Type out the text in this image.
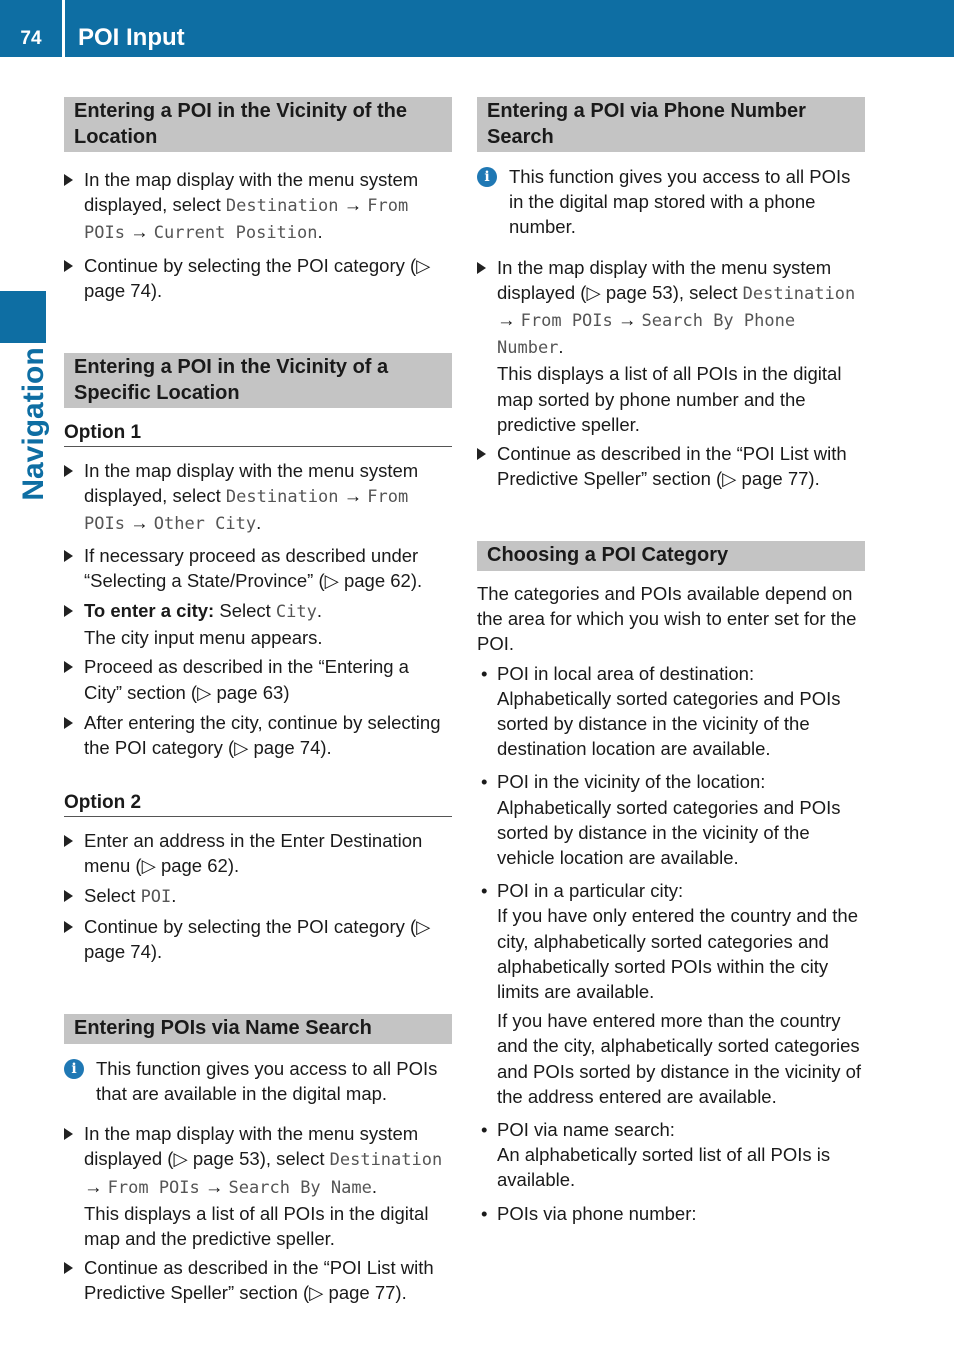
74	POI Input
Navigation
Entering a POI in the Vicinity of the Location

In the map display with the menu system displayed, select Destination → From POIs → Current Position.

Continue by selecting the POI category (▷ page 74).

Entering a POI in the Vicinity of a Specific Location

Option 1

In the map display with the menu system displayed, select Destination → From POIs → Other City.

If necessary proceed as described under “Selecting a State/Province” (▷ page 62).

To enter a city: Select City.
The city input menu appears.

Proceed as described in the “Entering a City” section (▷ page 63)

After entering the city, continue by selecting the POI category (▷ page 74).

Option 2

Enter an address in the Enter Destination menu (▷ page 62).

Select POI.

Continue by selecting the POI category (▷ page 74).

Entering POIs via Name Search

i	This function gives you access to all POIs that are available in the digital map.

In the map display with the menu system displayed (▷ page 53), select Destination → From POIs → Search By Name.
This displays a list of all POIs in the digital map and the predictive speller.

Continue as described in the “POI List with Predictive Speller” section (▷ page 77).

Entering a POI via Phone Number Search

i	This function gives you access to all POIs in the digital map stored with a phone number.

In the map display with the menu system displayed (▷ page 53), select Destination → From POIs → Search By Phone Number.
This displays a list of all POIs in the digital map sorted by phone number and the predictive speller.

Continue as described in the “POI List with Predictive Speller” section (▷ page 77).

Choosing a POI Category

The categories and POIs available depend on the area for which you wish to enter set for the POI.

• POI in local area of destination:
Alphabetically sorted categories and POIs sorted by distance in the vicinity of the destination location are available.

• POI in the vicinity of the location:
Alphabetically sorted categories and POIs sorted by distance in the vicinity of the vehicle location are available.

• POI in a particular city:
If you have only entered the country and the city, alphabetically sorted categories and alphabetically sorted POIs within the city limits are available.

If you have entered more than the country and the city, alphabetically sorted categories and POIs sorted by distance in the vicinity of the address entered are available.

• POI via name search:
An alphabetically sorted list of all POIs is available.

• POIs via phone number:
